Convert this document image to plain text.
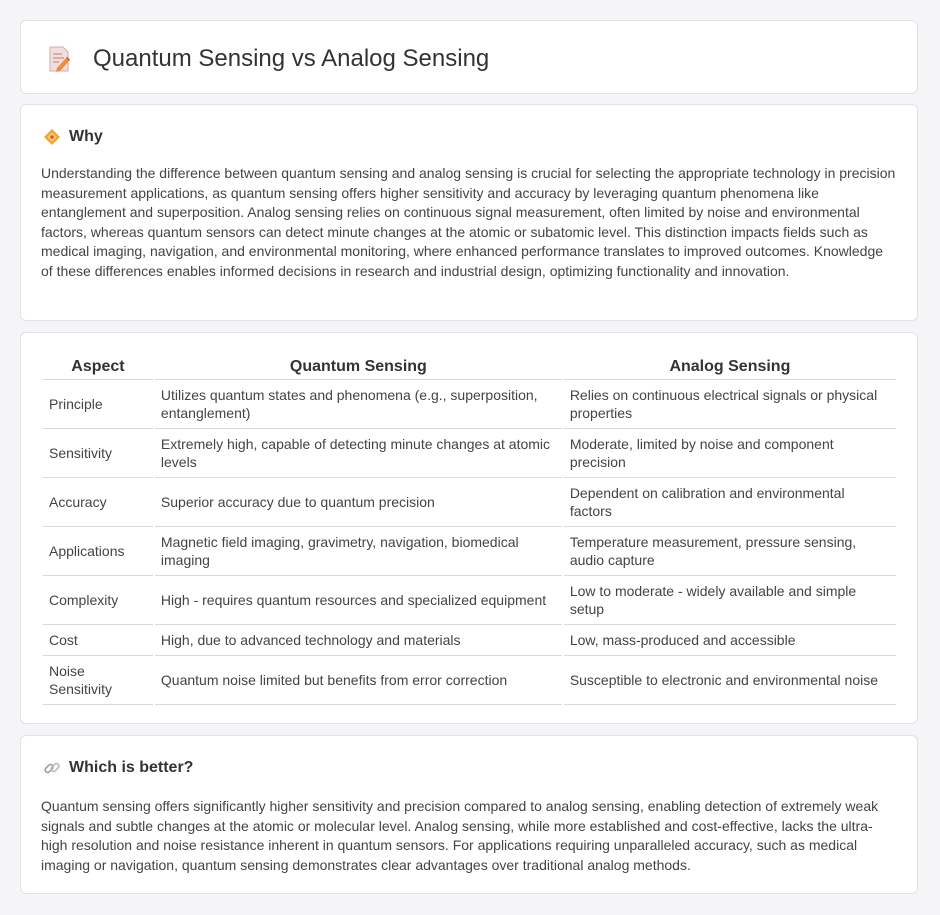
Quantum Sensing vs Analog Sensing
Why

Understanding the difference between quantum sensing and analog sensing is crucial for selecting the appropriate technology in precision measurement applications, as quantum sensing offers higher sensitivity and accuracy by leveraging quantum phenomena like entanglement and superposition. Analog sensing relies on continuous signal measurement, often limited by noise and environmental factors, whereas quantum sensors can detect minute changes at the atomic or subatomic level. This distinction impacts fields such as medical imaging, navigation, and environmental monitoring, where enhanced performance translates to improved outcomes. Knowledge of these differences enables informed decisions in research and industrial design, optimizing functionality and innovation.

Aspect	Quantum Sensing	Analog Sensing
Principle	Utilizes quantum states and phenomena (e.g., superposition, entanglement)	Relies on continuous electrical signals or physical properties
Sensitivity	Extremely high, capable of detecting minute changes at atomic levels	Moderate, limited by noise and component precision
Accuracy	Superior accuracy due to quantum precision	Dependent on calibration and environmental factors
Applications	Magnetic field imaging, gravimetry, navigation, biomedical imaging	Temperature measurement, pressure sensing, audio capture
Complexity	High - requires quantum resources and specialized equipment	Low to moderate - widely available and simple setup
Cost	High, due to advanced technology and materials	Low, mass-produced and accessible
Noise Sensitivity	Quantum noise limited but benefits from error correction	Susceptible to electronic and environmental noise
Which is better?

Quantum sensing offers significantly higher sensitivity and precision compared to analog sensing, enabling detection of extremely weak signals and subtle changes at the atomic or molecular level. Analog sensing, while more established and cost-effective, lacks the ultra-high resolution and noise resistance inherent in quantum sensors. For applications requiring unparalleled accuracy, such as medical imaging or navigation, quantum sensing demonstrates clear advantages over traditional analog methods.
